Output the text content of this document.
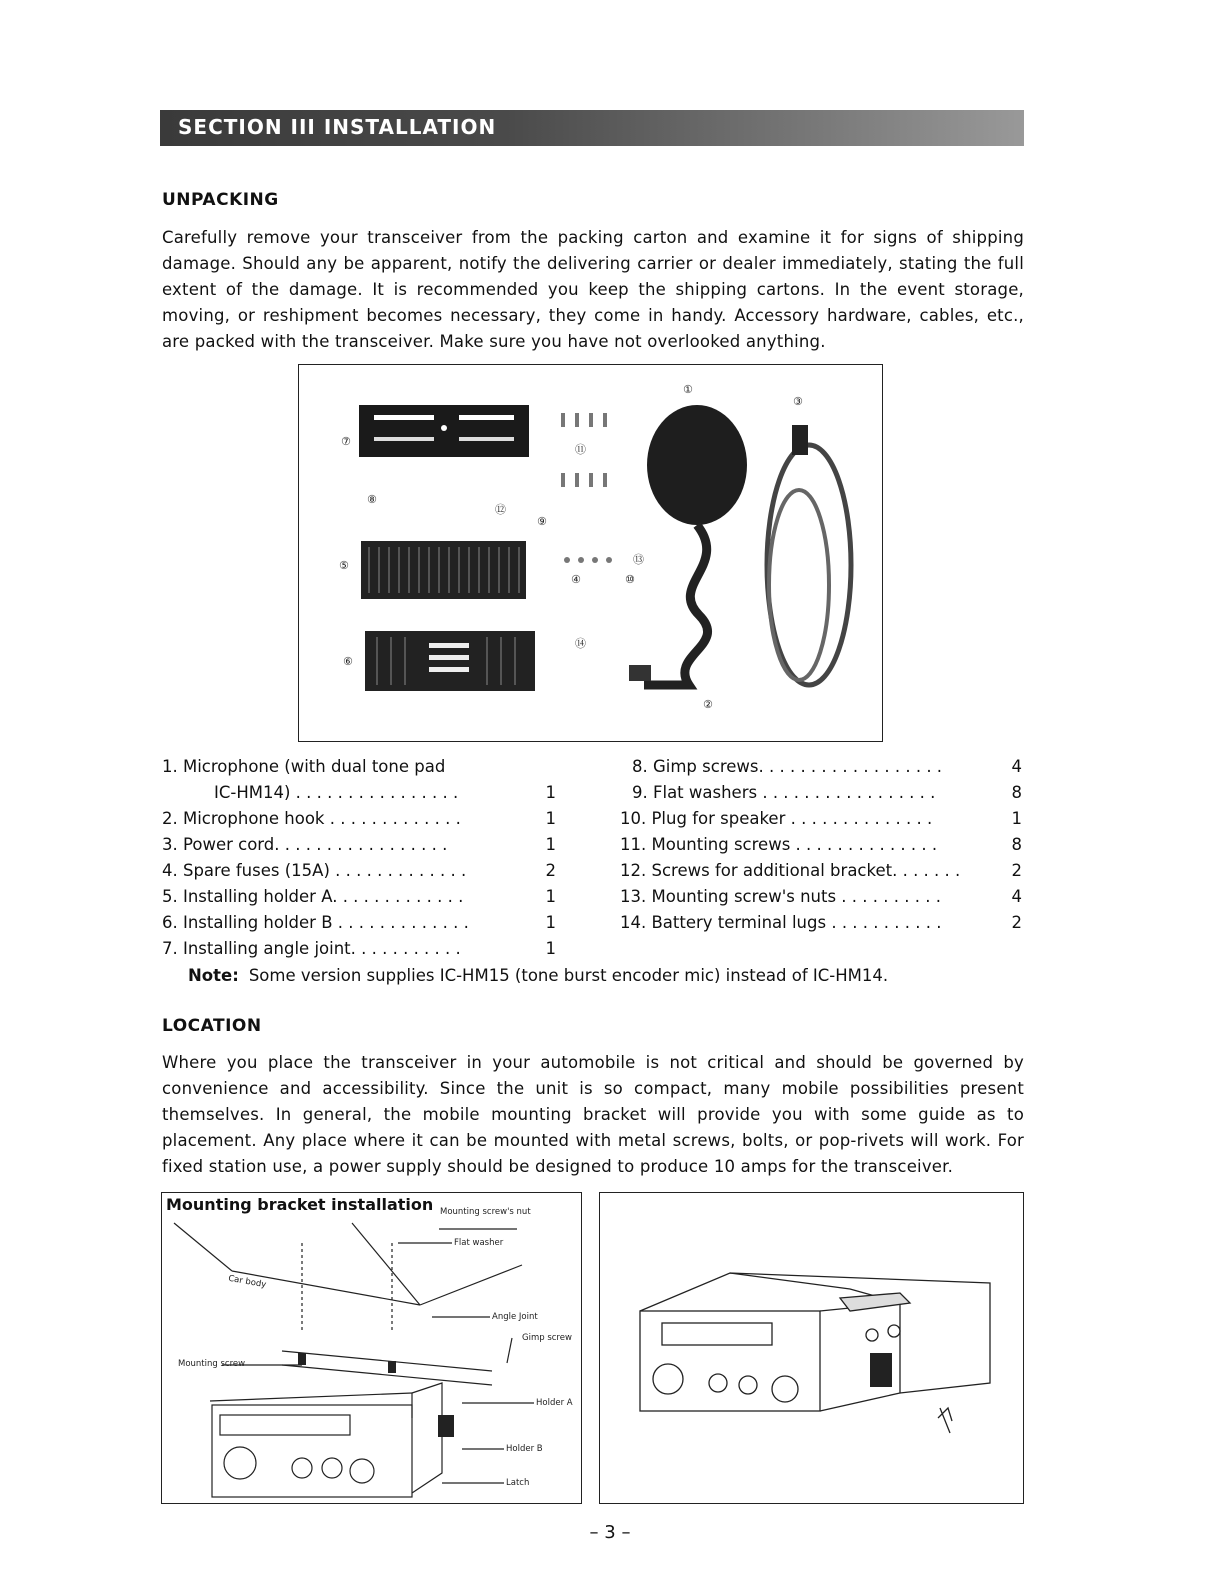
SECTION III INSTALLATION
UNPACKING

Carefully remove your transceiver from the packing carton and examine it for signs of shipping damage. Should any be apparent, notify the delivering carrier or dealer immediately, stating the full extent of the damage. It is recommended you keep the shipping cartons. In the event storage, moving, or reshipment becomes necessary, they come in handy. Accessory hardware, cables, etc., are packed with the transceiver. Make sure you have not overlooked anything.

①
②
③
④
⑤
⑥
⑦
⑧
⑨
⑩
⑪
⑫
⑬
⑭
1. Microphone (with dual tone pad
IC-HM14) . . . . . . . . . . . . . . . .	1
2. Microphone hook . . . . . . . . . . . . .	1
3. Power cord. . . . . . . . . . . . . . . . .	1
4. Spare fuses (15A) . . . . . . . . . . . . .	2
5. Installing holder A. . . . . . . . . . . . .	1
6. Installing holder B . . . . . . . . . . . . .	1
7. Installing angle joint. . . . . . . . . . .	1
8. Gimp screws. . . . . . . . . . . . . . . . . .	4
9. Flat washers . . . . . . . . . . . . . . . . .	8
10. Plug for speaker . . . . . . . . . . . . . .	1
11. Mounting screws . . . . . . . . . . . . . .	8
12. Screws for additional bracket. . . . . . .	2
13. Mounting screw's nuts . . . . . . . . . .	4
14. Battery terminal lugs . . . . . . . . . . .	2
Note: Some version supplies IC-HM15 (tone burst encoder mic) instead of IC-HM14.
LOCATION

Where you place the transceiver in your automobile is not critical and should be governed by convenience and accessibility. Since the unit is so compact, many mobile possibilities present themselves. In general, the mobile mounting bracket will provide you with some guide as to placement. Any place where it can be mounted with metal screws, bolts, or pop-rivets will work. For fixed station use, a power supply should be designed to produce 10 amps for the transceiver.

Mounting screw's nut
Flat washer
Car body
Angle Joint
Gimp screw
Mounting screw
Holder A
Holder B
Latch
Mounting bracket installation
– 3 –
